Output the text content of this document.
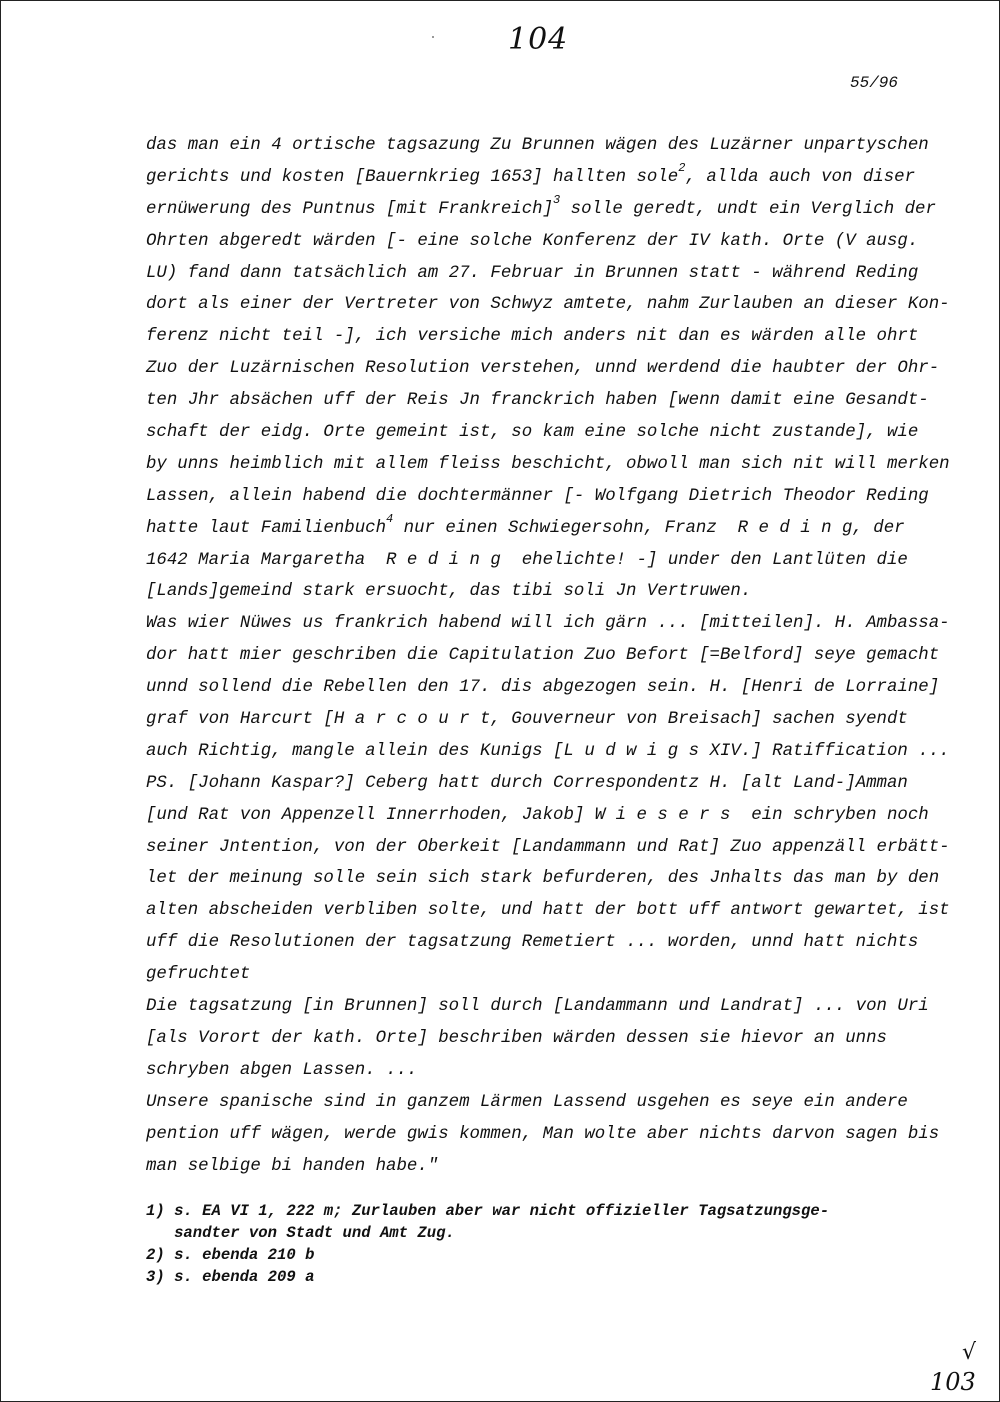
104
55/96
das man ein 4 ortische tagsazung Zu Brunnen wägen des Luzärner unpartyschen
gerichts und kosten [Bauernkrieg 1653] hallten sole$^2$, allda auch von diser
ernüwerung des Puntnus [mit Frankreich]$^3$ solle geredt, undt ein Verglich der
Ohrten abgeredt wärden [- eine solche Konferenz der IV kath. Orte (V ausg.
LU) fand dann tatsächlich am 27. Februar in Brunnen statt - während Reding
dort als einer der Vertreter von Schwyz amtete, nahm Zurlauben an dieser Kon-
ferenz nicht teil -], ich versiche mich anders nit dan es wärden alle ohrt
Zuo der Luzärnischen Resolution verstehen, unnd werdend die haubter der Ohr-
ten Jhr absächen uff der Reis Jn franckrich haben [wenn damit eine Gesandt-
schaft der eidg. Orte gemeint ist, so kam eine solche nicht zustande], wie
by unns heimblich mit allem fleiss beschicht, obwoll man sich nit will merken
Lassen, allein habend die dochtermänner [- Wolfgang Dietrich Theodor Reding
hatte laut Familienbuch$^4$ nur einen Schwiegersohn, Franz  R e d i n g, der
1642 Maria Margaretha  R e d i n g  ehelichte! -] under den Lantlüten die
[Lands]gemeind stark ersuocht, das tibi soli Jn Vertruwen.
Was wier Nüwes us frankrich habend will ich gärn ... [mitteilen]. H. Ambassa-
dor hatt mier geschriben die Capitulation Zuo Befort [=Belford] seye gemacht
unnd sollend die Rebellen den 17. dis abgezogen sein. H. [Henri de Lorraine]
graf von Harcurt [H a r c o u r t, Gouverneur von Breisach] sachen syendt
auch Richtig, mangle allein des Kunigs [L u d w i g s XIV.] Ratiffication ...
PS. [Johann Kaspar?] Ceberg hatt durch Correspondentz H. [alt Land-]Amman
[und Rat von Appenzell Innerrhoden, Jakob] W i e s e r s  ein schryben noch
seiner Jntention, von der Oberkeit [Landammann und Rat] Zuo appenzäll erbätt-
let der meinung solle sein sich stark befurderen, des Jnhalts das man by den
alten abscheiden verbliben solte, und hatt der bott uff antwort gewartet, ist
uff die Resolutionen der tagsatzung Remetiert ... worden, unnd hatt nichts
gefruchtet
Die tagsatzung [in Brunnen] soll durch [Landammann und Landrat] ... von Uri
[als Vorort der kath. Orte] beschriben wärden dessen sie hievor an unns
schryben abgen Lassen. ...
Unsere spanische sind in ganzem Lärmen Lassend usgehen es seye ein andere
pention uff wägen, werde gwis kommen, Man wolte aber nichts darvon sagen bis
man selbige bi handen habe."
1) s. EA VI 1, 222 m; Zurlauben aber war nicht offizieller Tagsatzungsge-
sandter von Stadt und Amt Zug.
2) s. ebenda 210 b
3) s. ebenda 209 a
√
103
